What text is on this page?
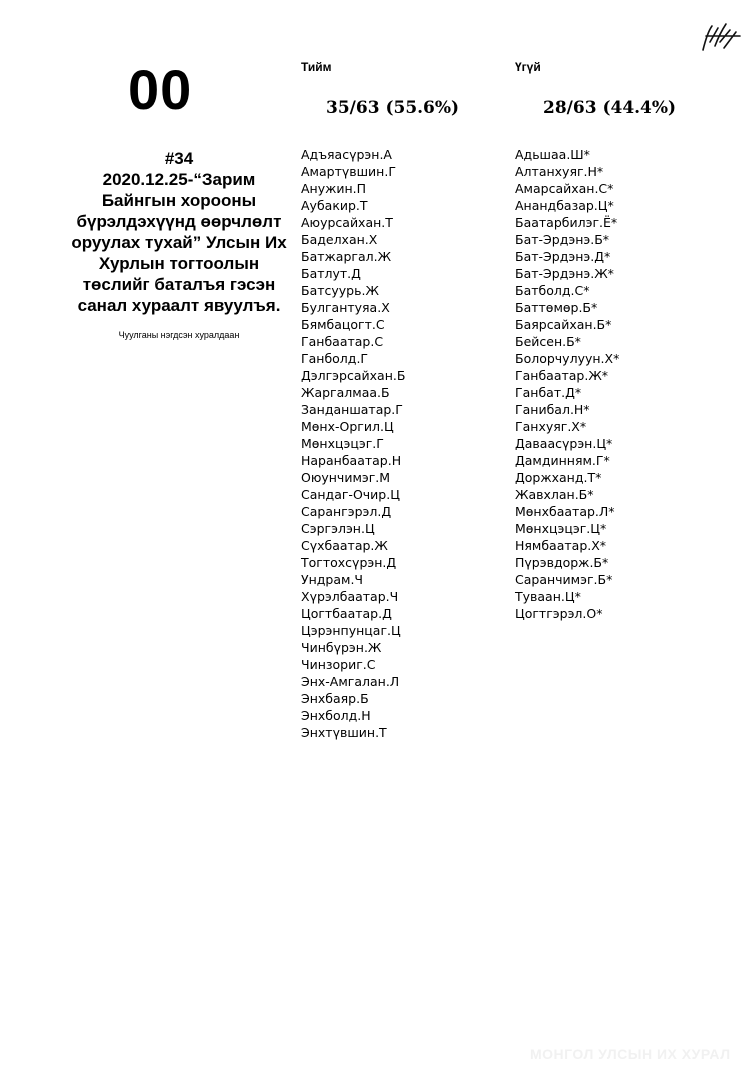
00
#34
2020.12.25-“Зарим Байнгын хорооны бүрэлдэхүүнд өөрчлөлт оруулах тухай” Улсын Их Хурлын тогтоолын төслийг баталъя гэсэн санал хураалт явуулъя.
Чуулганы нэгдсэн хуралдаан
Тийм
35/63 (55.6%)
Адъяасүрэн.А
Амартүвшин.Г
Анужин.П
Аубакир.Т
Аюурсайхан.Т
Баделхан.Х
Батжаргал.Ж
Батлут.Д
Батсуурь.Ж
Булгантуяа.Х
Бямбацогт.С
Ганбаатар.С
Ганболд.Г
Дэлгэрсайхан.Б
Жаргалмаа.Б
Занданшатар.Г
Мөнх-Оргил.Ц
Мөнхцэцэг.Г
Наранбаатар.Н
Оюунчимэг.М
Сандаг-Очир.Ц
Сарангэрэл.Д
Сэргэлэн.Ц
Сүхбаатар.Ж
Тогтохсүрэн.Д
Ундрам.Ч
Хүрэлбаатар.Ч
Цогтбаатар.Д
Цэрэнпунцаг.Ц
Чинбүрэн.Ж
Чинзориг.С
Энх-Амгалан.Л
Энхбаяр.Б
Энхболд.Н
Энхтүвшин.Т
Үгүй
28/63 (44.4%)
Адьшаа.Ш*
Алтанхуяг.Н*
Амарсайхан.С*
Анандбазар.Ц*
Баатарбилэг.Ё*
Бат-Эрдэнэ.Б*
Бат-Эрдэнэ.Д*
Бат-Эрдэнэ.Ж*
Батболд.С*
Баттөмөр.Б*
Баярсайхан.Б*
Бейсен.Б*
Болорчулуун.Х*
Ганбаатар.Ж*
Ганбат.Д*
Ганибал.Н*
Ганхуяг.Х*
Даваасүрэн.Ц*
Дамдинням.Г*
Доржханд.Т*
Жавхлан.Б*
Мөнхбаатар.Л*
Мөнхцэцэг.Ц*
Нямбаатар.Х*
Пүрэвдорж.Б*
Саранчимэг.Б*
Туваан.Ц*
Цогтгэрэл.О*
МОНГОЛ УЛСЫН ИХ ХУРАЛ
